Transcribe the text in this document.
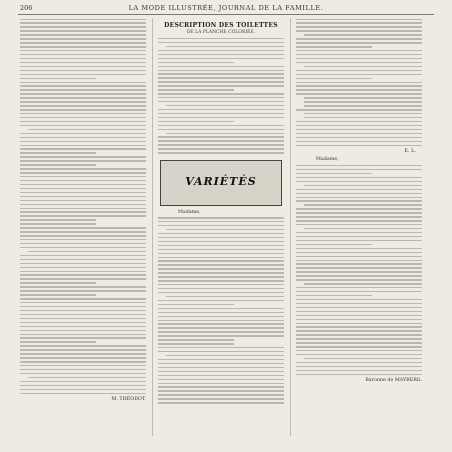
206	LA MODE ILLUSTRÉE, JOURNAL DE LA FAMILLE.
M. THÉODOT.
DESCRIPTION DES TOILETTES
DE LA PLANCHE COLORIÉE.
VARIÉTÉS
Madame,
E. L.
Madame,
Baronne de MAYBERG.
